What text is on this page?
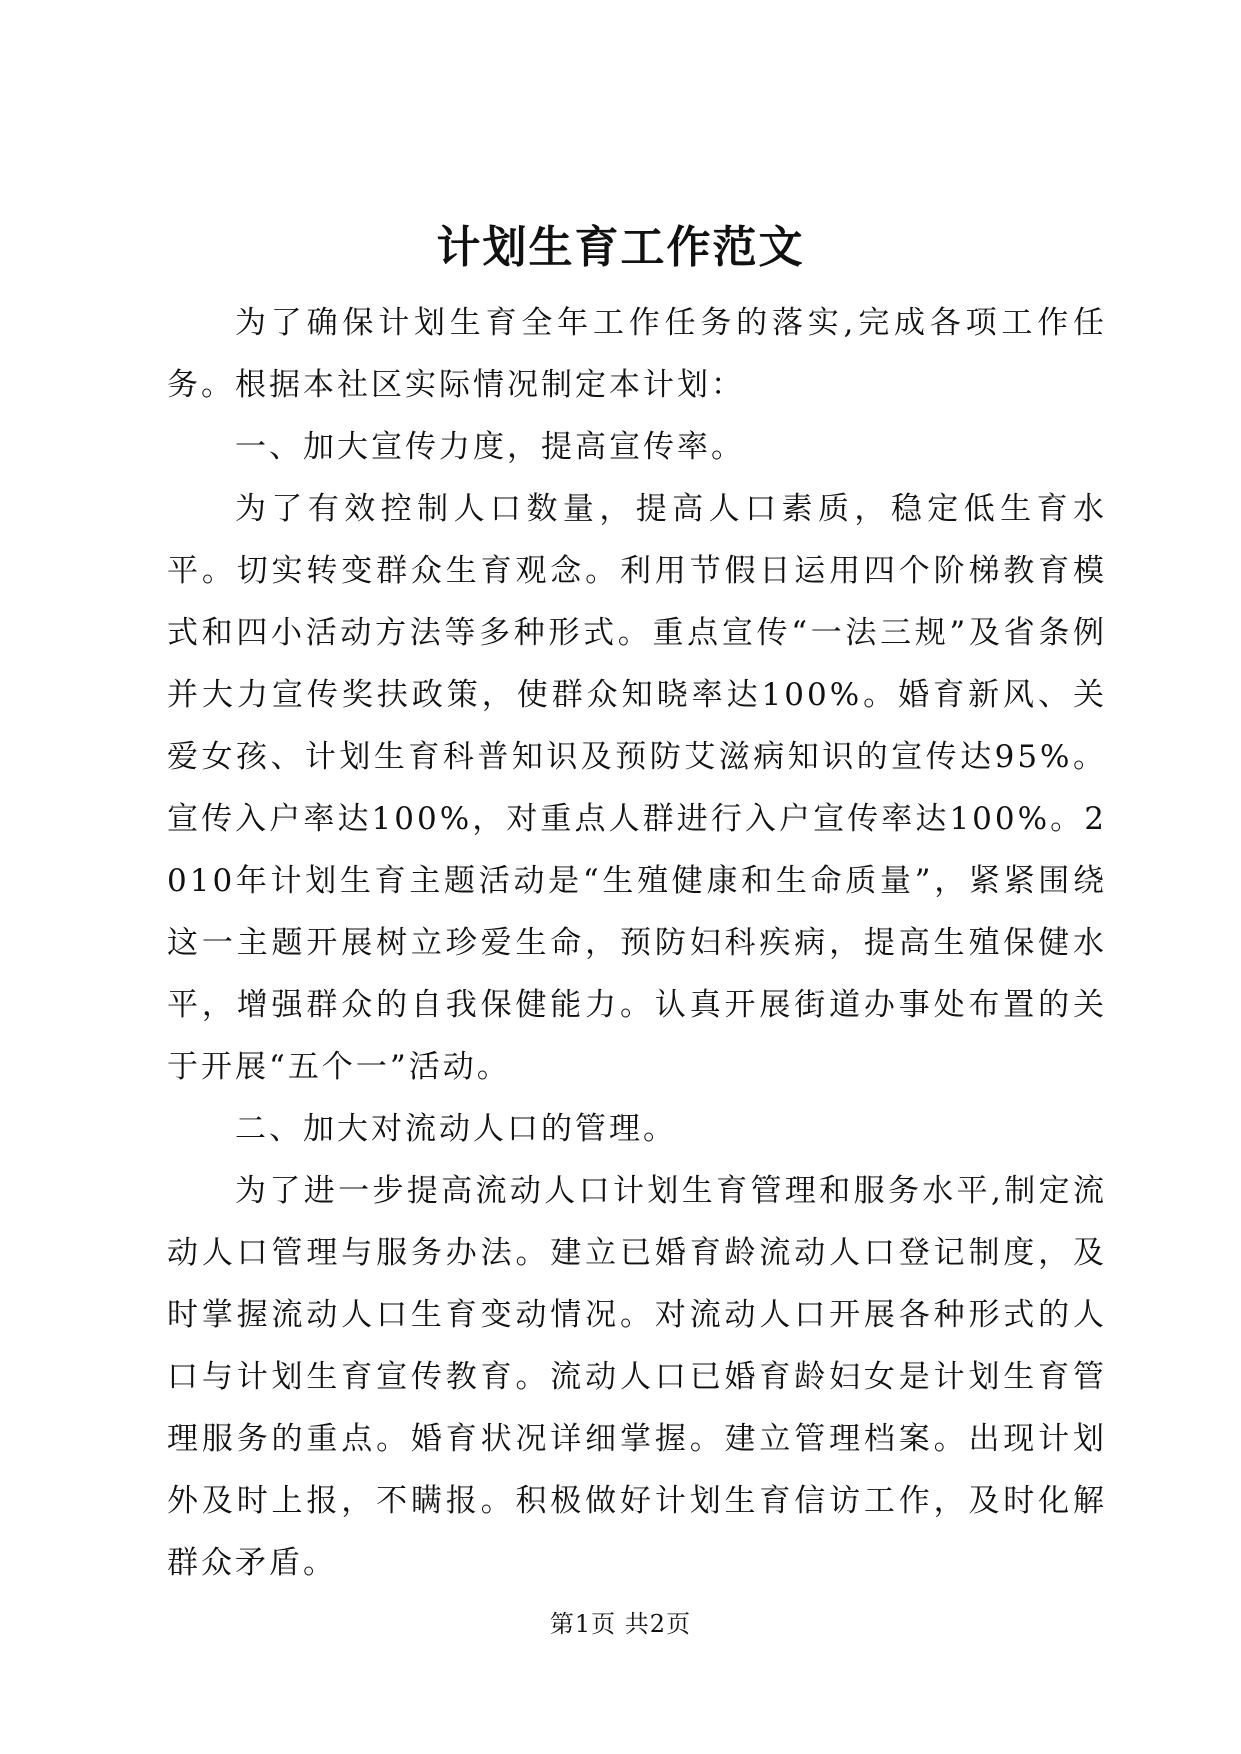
计划生育工作范文

为了确保计划生育全年工作任务的落实,完成各项工作任务。根据本社区实际情况制定本计划：

一、加大宣传力度，提高宣传率。

为了有效控制人口数量，提高人口素质，稳定低生育水平。切实转变群众生育观念。利用节假日运用四个阶梯教育模式和四小活动方法等多种形式。重点宣传“一法三规”及省条例并大力宣传奖扶政策，使群众知晓率达100%。婚育新风、关爱女孩、计划生育科普知识及预防艾滋病知识的宣传达95%。宣传入户率达100%，对重点人群进行入户宣传率达100%。2010年计划生育主题活动是“生殖健康和生命质量”，紧紧围绕这一主题开展树立珍爱生命，预防妇科疾病，提高生殖保健水平，增强群众的自我保健能力。认真开展街道办事处布置的关于开展“五个一”活动。

二、加大对流动人口的管理。

为了进一步提高流动人口计划生育管理和服务水平,制定流动人口管理与服务办法。建立已婚育龄流动人口登记制度，及时掌握流动人口生育变动情况。对流动人口开展各种形式的人口与计划生育宣传教育。流动人口已婚育龄妇女是计划生育管理服务的重点。婚育状况详细掌握。建立管理档案。出现计划外及时上报，不瞒报。积极做好计划生育信访工作，及时化解群众矛盾。

第1页 共2页
